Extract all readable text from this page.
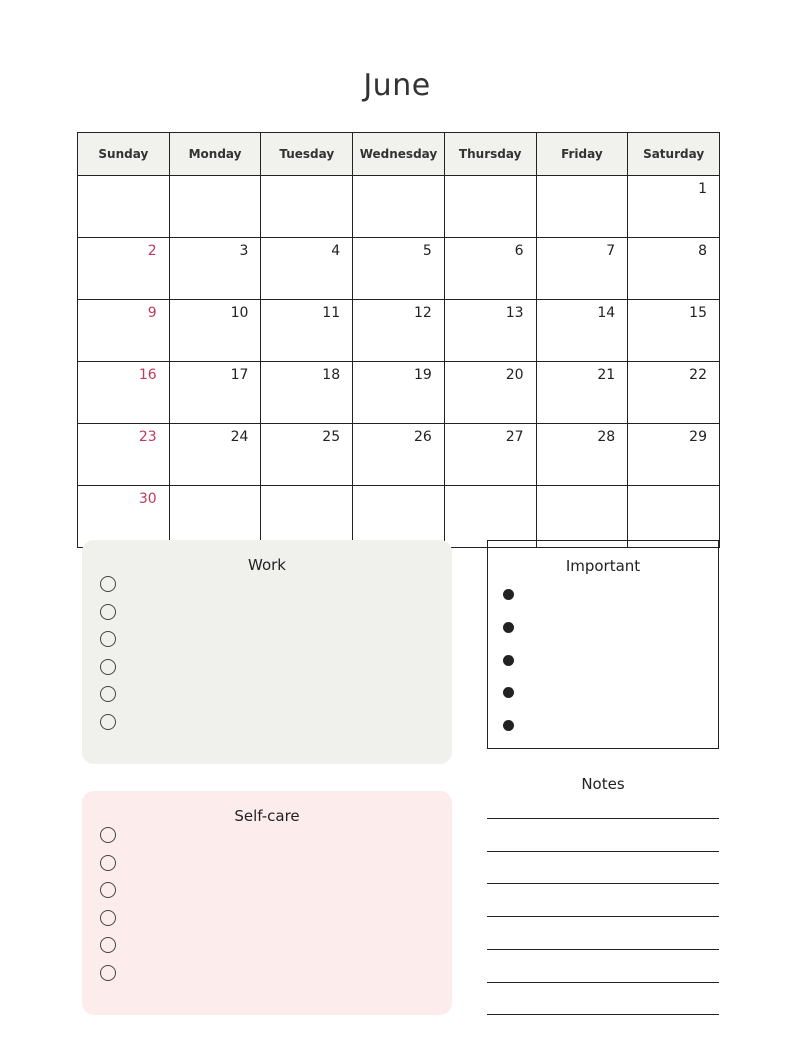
June
Sunday	Monday	Tuesday	Wednesday	Thursday	Friday	Saturday
						1
2	3	4	5	6	7	8
9	10	11	12	13	14	15
16	17	18	19	20	21	22
23	24	25	26	27	28	29
30						
Work	Important
Notes
Self-care
